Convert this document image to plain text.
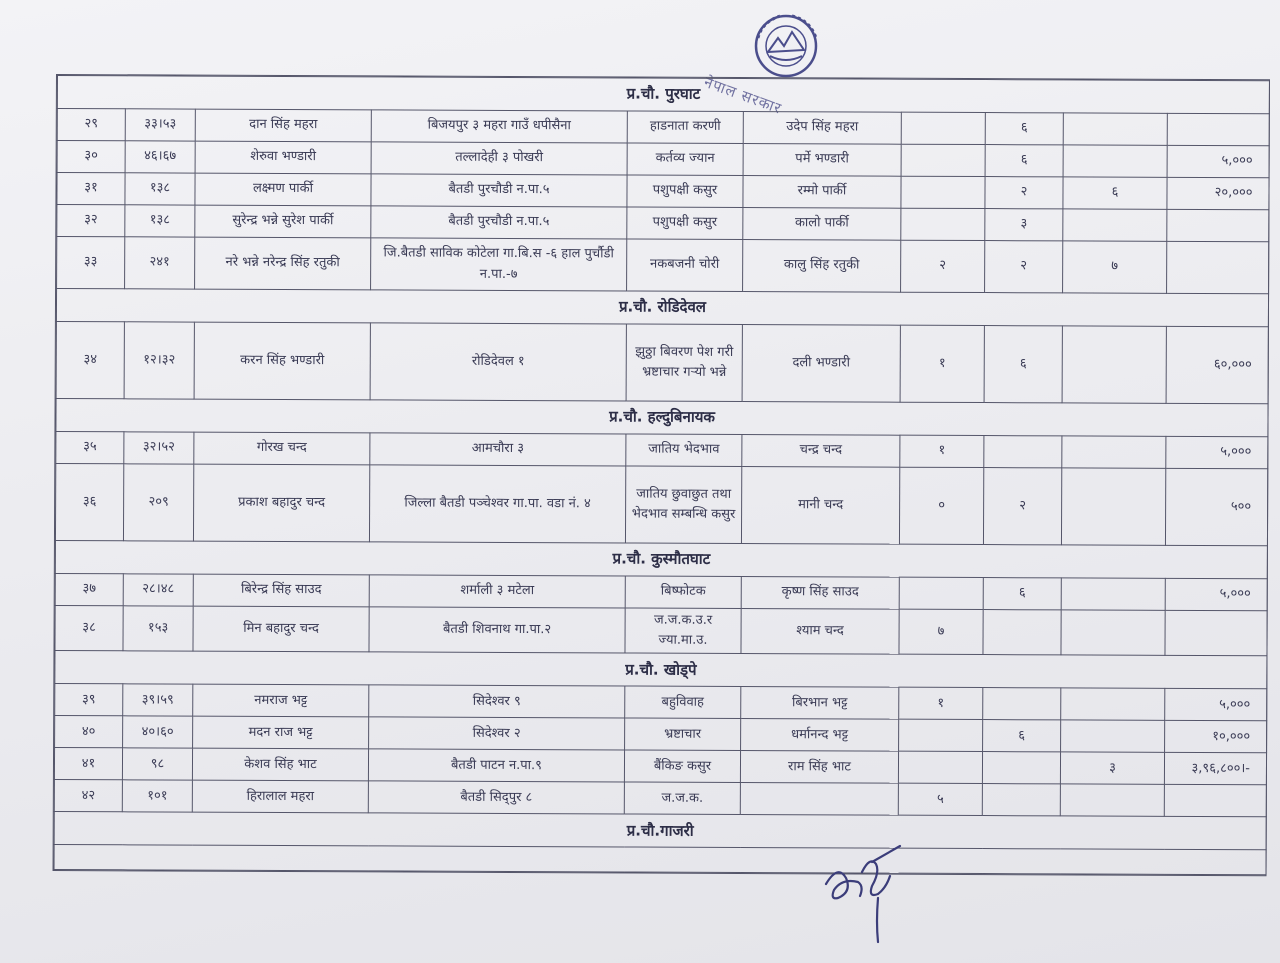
नेपाल सरकार
प्र.चौ. पुरघाट									
२९	३३।५३	दान सिंह महरा	बिजयपुर ३ महरा गाउँ धपीसैना	हाडनाता करणी	उदेप सिंह महरा		६		
३०	४६।६७	शेरुवा भण्डारी	तल्लादेही ३ पोखरी	कर्तव्य ज्यान	पर्मे भण्डारी		६		५,०००
३१	१३८	लक्ष्मण पार्की	बैतडी पुरचौडी न.पा.५	पशुपक्षी कसुर	रम्मो पार्की		२	६	२०,०००
३२	१३८	सुरेन्द्र भन्ने सुरेश पार्की	बैतडी पुरचौडी न.पा.५	पशुपक्षी कसुर	कालो पार्की		३		
३३	२४१	नरे भन्ने नरेन्द्र सिंह रतुकी	जि.बैतडी साविक कोटेला गा.बि.स -६ हाल पुर्चौडी न.पा.-७	नकबजनी चोरी	कालु सिंह रतुकी	२	२	७	
प्र.चौ. रोडिदेवल									
३४	१२।३२	करन सिंह भण्डारी	रोडिदेवल १	झुठ्ठा बिवरण पेश गरी भ्रष्टाचार गऱ्यो भन्ने	दली भण्डारी	१	६		६०,०००
प्र.चौ. हल्दुबिनायक									
३५	३२।५२	गोरख चन्द	आमचौरा ३	जातिय भेदभाव	चन्द्र चन्द	१			५,०००
३६	२०९	प्रकाश बहादुर चन्द	जिल्ला बैतडी पञ्चेश्वर गा.पा. वडा नं. ४	जातिय छुवाछुत तथा भेदभाव सम्बन्धि कसुर	मानी चन्द	०	२		५००
प्र.चौ. कुस्मौतघाट									
३७	२८।४८	बिरेन्द्र सिंह साउद	शर्माली ३ मटेला	बिष्फोटक	कृष्ण सिंह साउद		६		५,०००
३८	१५३	मिन बहादुर चन्द	बैतडी शिवनाथ गा.पा.२	ज.ज.क.उ.र ज्या.मा.उ.	श्याम चन्द	७			
प्र.चौ. खोड्पे									
३९	३९।५९	नमराज भट्ट	सिदेश्वर ९	बहुविवाह	बिरभान भट्ट	१			५,०००
४०	४०।६०	मदन राज भट्ट	सिदेश्वर २	भ्रष्टाचार	धर्मानन्द भट्ट		६		१०,०००
४१	९८	केशव सिंह भाट	बैतडी पाटन न.पा.९	बैंकिङ कसुर	राम सिंह भाट			३	३,९६,८००।-
४२	१०१	हिरालाल महरा	बैतडी सिद्पुर ८	ज.ज.क.		५			
प्र.चौ.गाजरी									
